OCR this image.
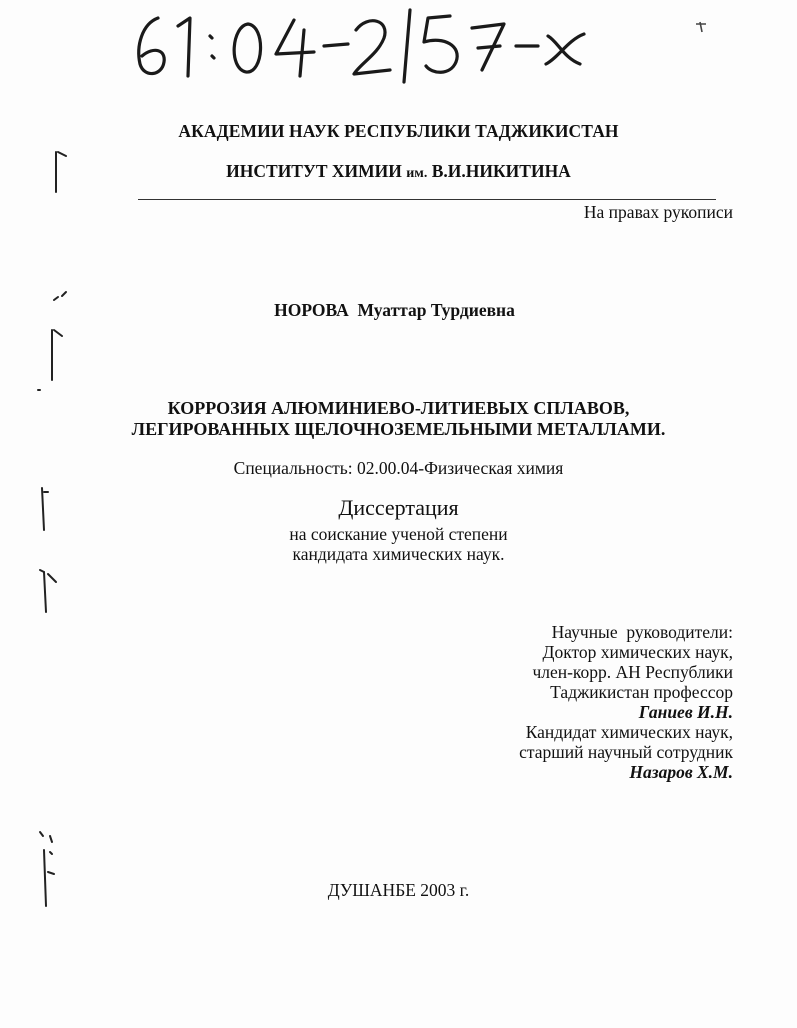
АКАДЕМИИ НАУК РЕСПУБЛИКИ ТАДЖИКИСТАН
ИНСТИТУТ ХИМИИ им. В.И.НИКИТИНА
На правах рукописи
НОРОВА Муаттар Турдиевна
КОРРОЗИЯ АЛЮМИНИЕВО-ЛИТИЕВЫХ СПЛАВОВ,
ЛЕГИРОВАННЫХ ЩЕЛОЧНОЗЕМЕЛЬНЫМИ МЕТАЛЛАМИ.
Специальность: 02.00.04-Физическая химия
Диссертация
на соискание ученой степени
кандидата химических наук.
Научные  руководители:
Доктор химических наук,
член-корр. АН Республики
Таджикистан профессор
Ганиев И.Н.
Кандидат химических наук,
старший научный сотрудник
Назаров Х.М.
ДУШАНБЕ 2003 г.
